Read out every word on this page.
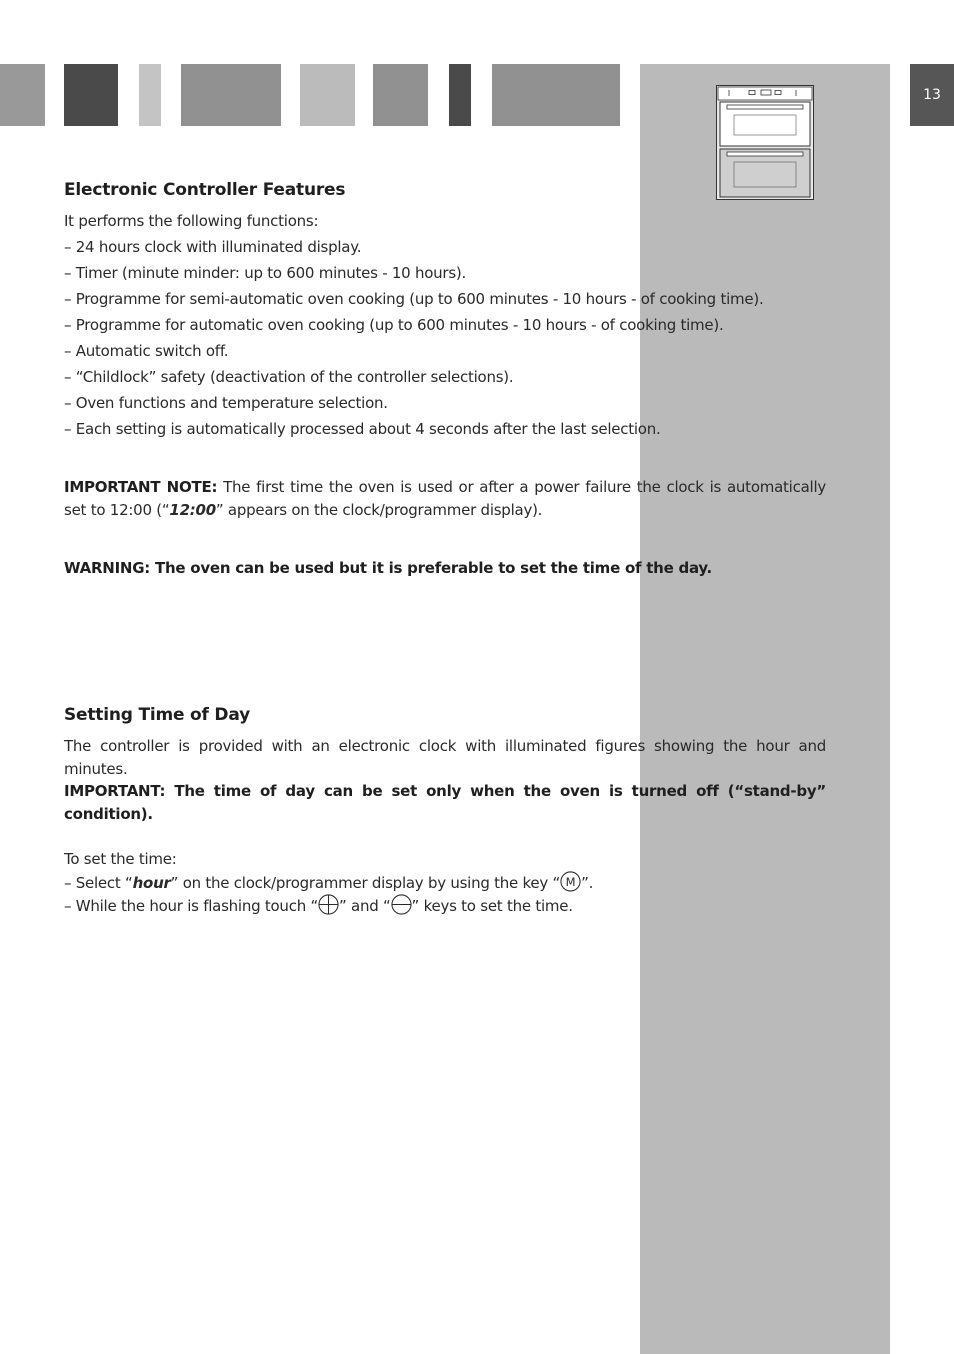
13
Electronic Controller Features

It performs the following functions:

– 24 hours clock with illuminated display.

– Timer (minute minder: up to 600 minutes - 10 hours).

– Programme for semi-automatic oven cooking (up to 600 minutes - 10 hours - of cooking time).

– Programme for automatic oven cooking (up to 600 minutes - 10 hours - of cooking time).

– Automatic switch off.

– “Childlock” safety (deactivation of the controller selections).

– Oven functions and temperature selection.

– Each setting is automatically processed about 4 seconds after the last selection.

IMPORTANT NOTE: The first time the oven is used or after a power failure the clock is automatically set to 12:00 (“12:00” appears on the clock/programmer display).

WARNING: The oven can be used but it is preferable to set the time of the day.

Setting Time of Day

The controller is provided with an electronic clock with illuminated figures showing the hour and minutes.

IMPORTANT: The time of day can be set only when the oven is turned off (“stand-by” condition).

To set the time:

– Select “hour” on the clock/programmer display by using the key “ M ”.

– While the hour is flashing touch “ ” and “ ” keys to set the time.
